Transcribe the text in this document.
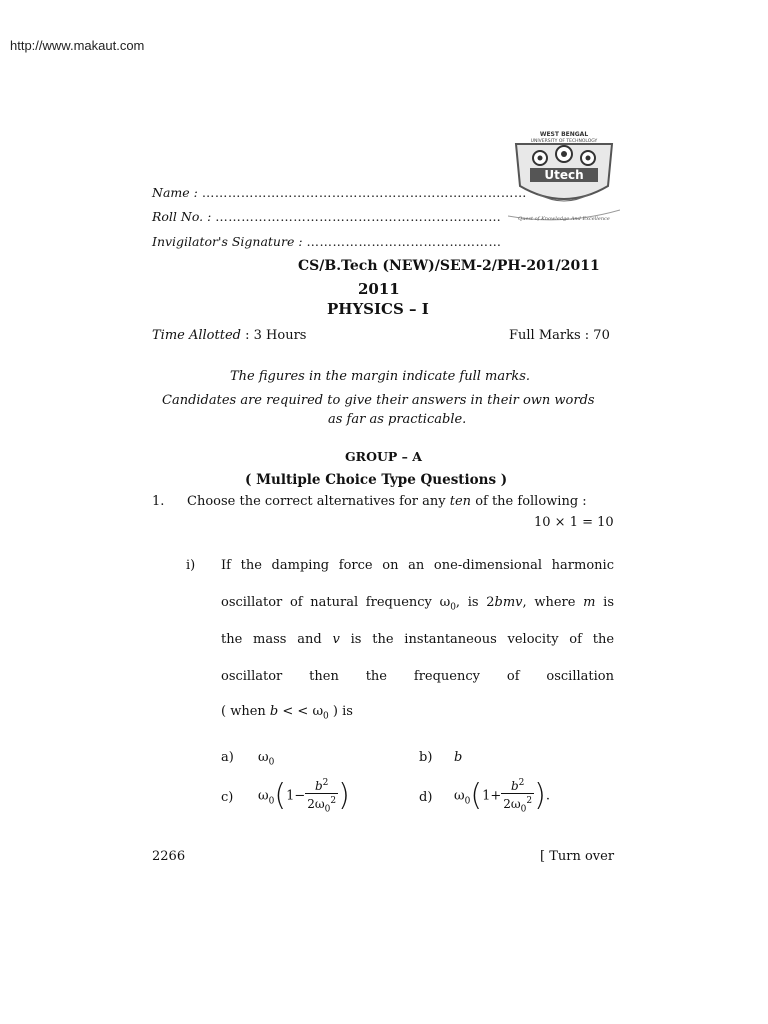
http://www.makaut.com
WEST BENGAL
UNIVERSITY OF TECHNOLOGY
Utech
Quest of Knowledge And Excellence
Name : …………………………………………………………………
Roll No. : …………………………………………………………
Invigilator's Signature : ………………………………………
CS/B.Tech (NEW)/SEM-2/PH-201/2011
2011
PHYSICS – I
Time Allotted : 3 Hours	Full Marks : 70
The figures in the margin indicate full marks.
Candidates are required to give their answers in their own words
as far as practicable.
GROUP – A
( Multiple Choice Type Questions )
1. Choose the correct alternatives for any ten of the following :
10 × 1 = 10
i) If the damping force on an one-dimensional harmonic
oscillator of natural frequency $\omega_0$, is 2bmv, where m is
the mass and v is the instantaneous velocity of the
oscillator then the frequency of oscillation
( when b < < $\omega_0$ ) is
a) $\omega_0$	b) b
c) $\omega_0(1- \frac{b^2}{2\omega_0^2}$ )	d) $\omega_0(1+ \frac{b^2}{2\omega_0^2}$ ).
2266	[ Turn over
